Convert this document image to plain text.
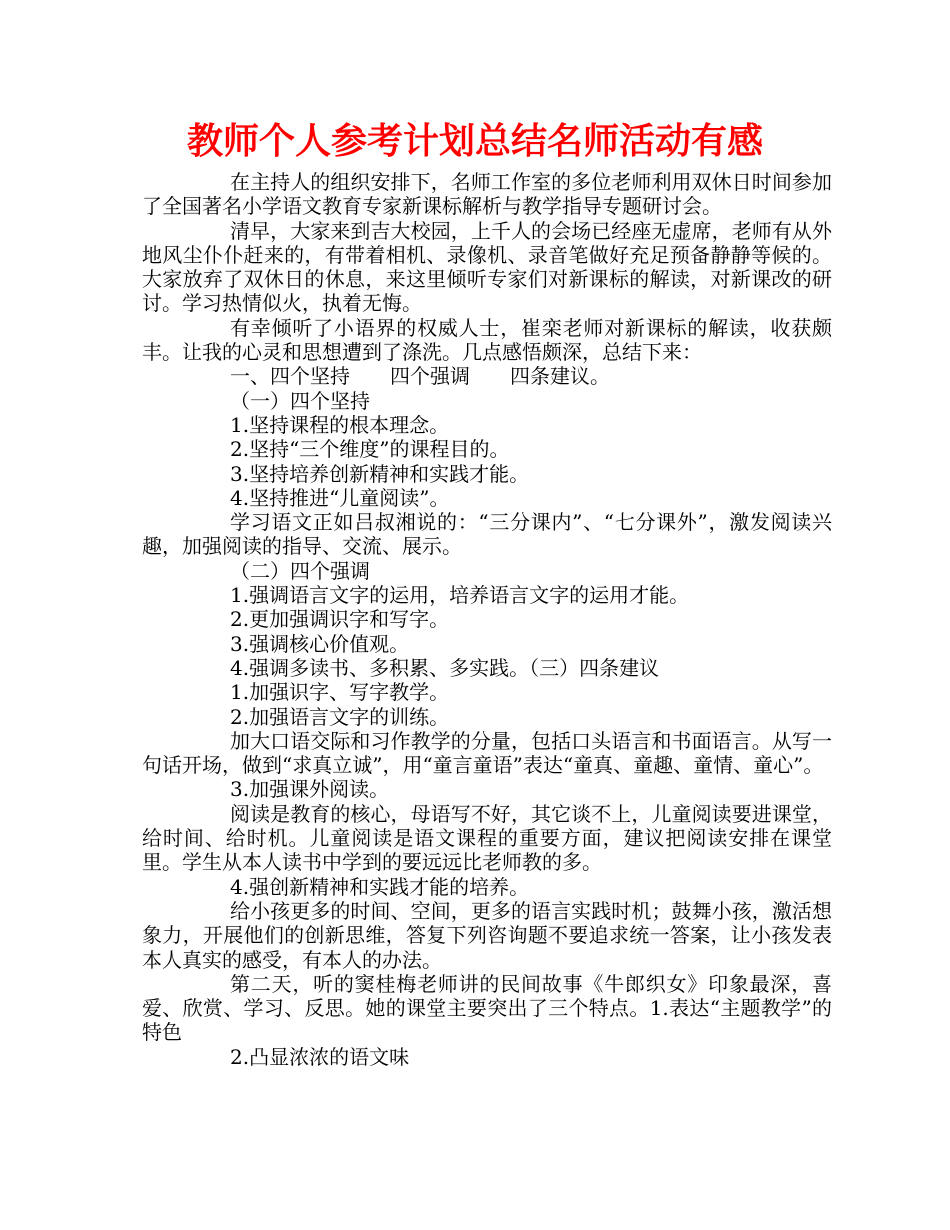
教师个人参考计划总结名师活动有感

在主持人的组织安排下，名师工作室的多位老师利用双休日时间参加了全国著名小学语文教育专家新课标解析与教学指导专题研讨会。

清早，大家来到吉大校园，上千人的会场已经座无虚席，老师有从外地风尘仆仆赶来的，有带着相机、录像机、录音笔做好充足预备静静等候的。大家放弃了双休日的休息，来这里倾听专家们对新课标的解读，对新课改的研讨。学习热情似火，执着无悔。

有幸倾听了小语界的权威人士，崔栾老师对新课标的解读，收获颇丰。让我的心灵和思想遭到了涤洗。几点感悟颇深，总结下来：

一、四个坚持　　四个强调　　四条建议。

（一）四个坚持

1.坚持课程的根本理念。

2.坚持“三个维度”的课程目的。

3.坚持培养创新精神和实践才能。

4.坚持推进“儿童阅读”。

学习语文正如吕叔湘说的：“三分课内”、“七分课外”，激发阅读兴趣，加强阅读的指导、交流、展示。

（二）四个强调

1.强调语言文字的运用，培养语言文字的运用才能。

2.更加强调识字和写字。

3.强调核心价值观。

4.强调多读书、多积累、多实践。（三）四条建议

1.加强识字、写字教学。

2.加强语言文字的训练。

加大口语交际和习作教学的分量，包括口头语言和书面语言。从写一句话开场，做到“求真立诚”，用“童言童语”表达“童真、童趣、童情、童心”。

3.加强课外阅读。

阅读是教育的核心，母语写不好，其它谈不上，儿童阅读要进课堂，给时间、给时机。儿童阅读是语文课程的重要方面，建议把阅读安排在课堂里。学生从本人读书中学到的要远远比老师教的多。

4.强创新精神和实践才能的培养。

给小孩更多的时间、空间，更多的语言实践时机；鼓舞小孩，激活想象力，开展他们的创新思维，答复下列咨询题不要追求统一答案，让小孩发表本人真实的感受，有本人的办法。

第二天，听的窦桂梅老师讲的民间故事《牛郎织女》印象最深，喜爱、欣赏、学习、反思。她的课堂主要突出了三个特点。1.表达“主题教学”的特色

2.凸显浓浓的语文味
